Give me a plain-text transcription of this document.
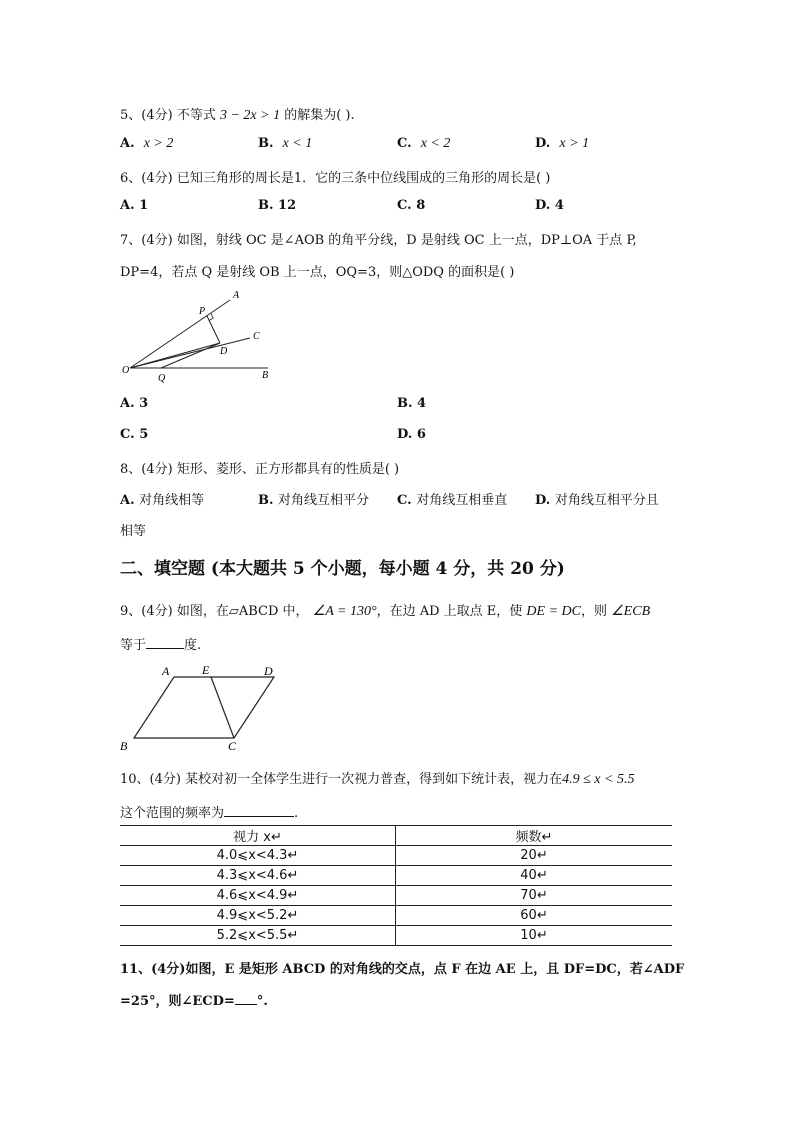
5、(4分) 不等式 3 − 2x > 1 的解集为( ).
A. x > 2	B. x < 1	C. x < 2	D. x > 1
6、(4分) 已知三角形的周长是1．它的三条中位线围成的三角形的周长是( )
A. 1	B. 12	C. 8	D. 4
7、(4分) 如图，射线 OC 是∠AOB 的角平分线，D 是射线 OC 上一点，DP⊥OA 于点 P,
DP=4，若点 Q 是射线 OB 上一点，OQ=3，则△ODQ 的面积是( )
A
P
C
D
O
Q	B
A. 3	B. 4
C. 5	D. 6
8、(4分) 矩形、菱形、正方形都具有的性质是( )
A. 对角线相等	B. 对角线互相平分 C. 对角线互相垂直 D. 对角线互相平分且
相等
二、填空题 (本大题共 5 个小题，每小题 4 分，共 20 分)
9、(4分) 如图，在▱ABCD 中， ∠A = 130°，在边 AD 上取点 E，使 DE = DC，则 ∠ECB
等于	度.
A	E	D
B	C
10、(4分) 某校对初一全体学生进行一次视力普查，得到如下统计表，视力在4.9 ≤ x < 5.5
这个范围的频率为	.
视力 x↵	频数↵
4.0⩽x<4.3↵	20↵
4.3⩽x<4.6↵	40↵
4.6⩽x<4.9↵	70↵
4.9⩽x<5.2↵	60↵
5.2⩽x<5.5↵	10↵
11、(4分)如图，E 是矩形 ABCD 的对角线的交点，点 F 在边 AE 上，且 DF=DC，若∠ADF
=25°，则∠ECD= °.
